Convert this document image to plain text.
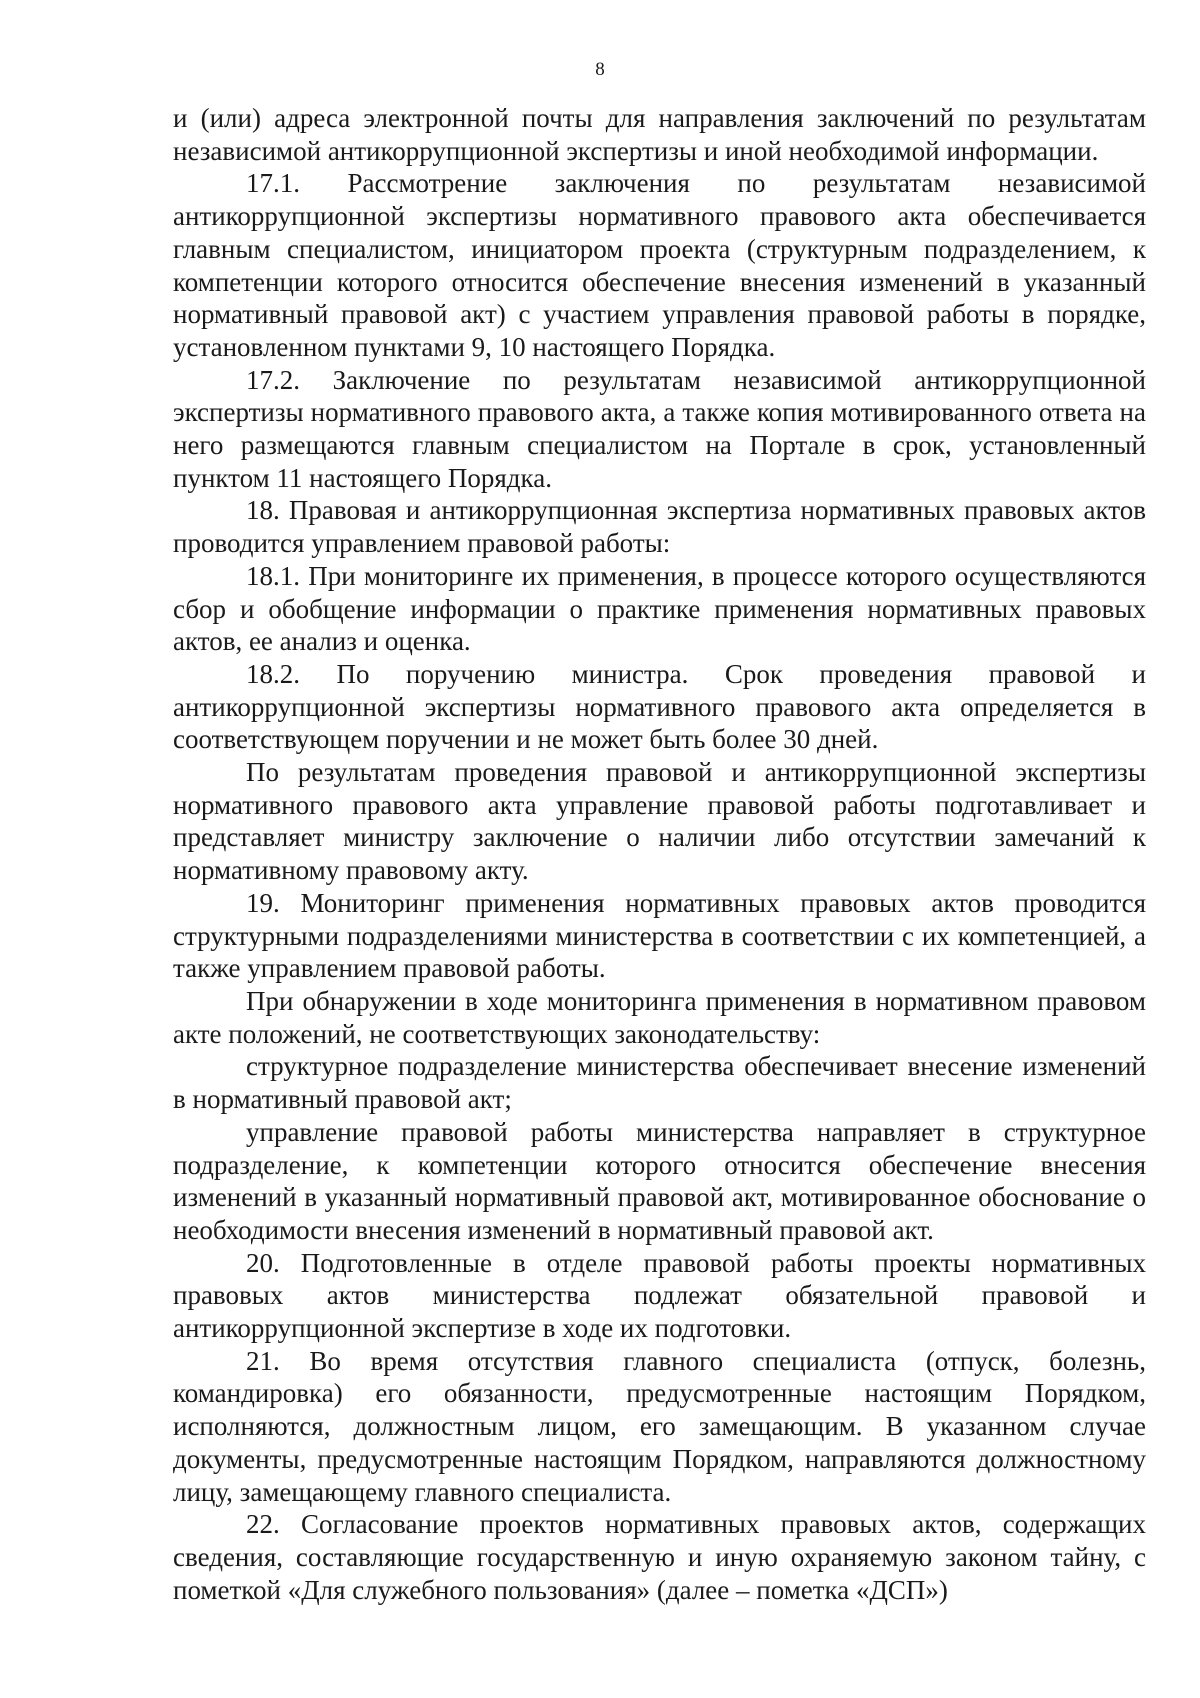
8

и (или) адреса электронной почты для направления заключений по результатам независимой антикоррупционной экспертизы и иной необходимой информации.

17.1. Рассмотрение заключения по результатам независимой антикоррупционной экспертизы нормативного правового акта обеспечивается главным специалистом, инициатором проекта (структурным подразделением, к компетенции которого относится обеспечение внесения изменений в указанный нормативный правовой акт) с участием управления правовой работы в порядке, установленном пунктами 9, 10 настоящего Порядка.

17.2. Заключение по результатам независимой антикоррупционной экспертизы нормативного правового акта, а также копия мотивированного ответа на него размещаются главным специалистом на Портале в срок, установленный пунктом 11 настоящего Порядка.

18. Правовая и антикоррупционная экспертиза нормативных правовых актов проводится управлением правовой работы:

18.1. При мониторинге их применения, в процессе которого осуществляются сбор и обобщение информации о практике применения нормативных правовых актов, ее анализ и оценка.

18.2. По поручению министра. Срок проведения правовой и антикоррупционной экспертизы нормативного правового акта определяется в соответствующем поручении и не может быть более 30 дней.

По результатам проведения правовой и антикоррупционной экспертизы нормативного правового акта управление правовой работы подготавливает и представляет министру заключение о наличии либо отсутствии замечаний к нормативному правовому акту.

19. Мониторинг применения нормативных правовых актов проводится структурными подразделениями министерства в соответствии с их компетенцией, а также управлением правовой работы.

При обнаружении в ходе мониторинга применения в нормативном правовом акте положений, не соответствующих законодательству:

структурное подразделение министерства обеспечивает внесение изменений в нормативный правовой акт;

управление правовой работы министерства направляет в структурное подразделение, к компетенции которого относится обеспечение внесения изменений в указанный нормативный правовой акт, мотивированное обоснование о необходимости внесения изменений в нормативный правовой акт.

20. Подготовленные в отделе правовой работы проекты нормативных правовых актов министерства подлежат обязательной правовой и антикоррупционной экспертизе в ходе их подготовки.

21. Во время отсутствия главного специалиста (отпуск, болезнь, командировка) его обязанности, предусмотренные настоящим Порядком, исполняются, должностным лицом, его замещающим. В указанном случае документы, предусмотренные настоящим Порядком, направляются должностному лицу, замещающему главного специалиста.

22. Согласование проектов нормативных правовых актов, содержащих сведения, составляющие государственную и иную охраняемую законом тайну, с пометкой «Для служебного пользования» (далее – пометка «ДСП»)
